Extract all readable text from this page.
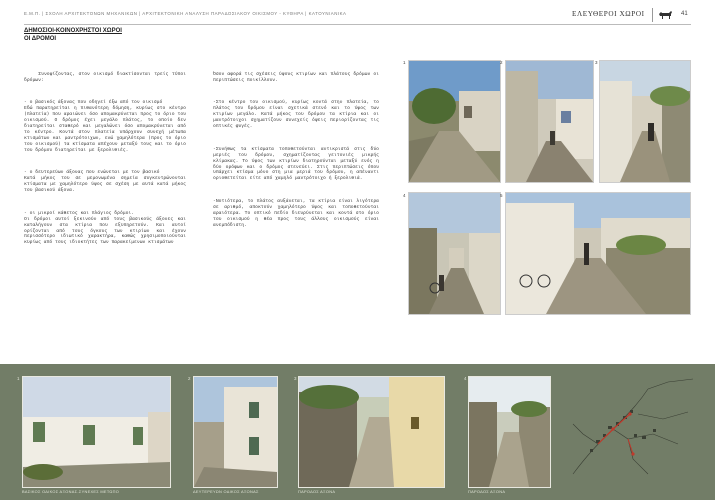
Ε.Μ.Π. | ΣΧΟΛΗ ΑΡΧΙΤΕΚΤΟΝΩΝ ΜΗΧΑΝΙΚΩΝ | ΑΡΧΙΤΕΚΤΟΝΙΚΗ ΑΝΑΛΥΣΗ ΠΑΡΑΔΟΣΙΑΚΟΥ ΟΙΚΙΣΜΟΥ - ΚΥΘΗΡΑ | ΚΑΤΟΥΝΙΑΝΙΚΑ	ΕΛΕΥΘΕΡΟΙ ΧΩΡΟΙ	41
ΔΗΜΟΣΙΟΙ-ΚΟΙΝΟΧΡΗΣΤΟΙ ΧΩΡΟΙ
ΟΙ ΔΡΟΜΟΙ

Συνοψίζοντας, στον οικισμό διακτίσονται τρείς τύποι δρόμων:

- ο βασικός άξονας που οδηγεί έξω από τον οικισμό
Εδώ παρατηρείται η πιθανότερη δόμηση, κυρίως στο κέντρο (πλατεία) που αραιώνει όσο απομακρύνεται προς το όριο του οικισμού. Ο δρόμος έχει μεγάλο πλάτος, το οποίο δεν διατηρείται σταθερό και μεγαλώνει όσο απομακρύνεται από το κέντρο. Κοντά στον πλατεία υπάρχουν συνεχή μέτωπα κτισμάτων και μαντρότοιχων, ενώ χαμηλότερα (προς το όριο του οικισμού) τα κτίσματα απέχουν μεταξύ τους και το όριο του δρόμου διατηρείται με ξερολιθιές.

- ο δευτερεύων άξονας που ενώνεται με τον βασικό
Κατά μήκος του σε μεμονωμένα σημεία συγκεντρώνονται κτίσματα με χαμηλότερο ύψος σε σχέση με αυτά κατά μήκος του βασικού άξονα.

- οι μικροί κάθετος και πλάγιος δρόμοι.
Οι δρόμοι αυτοί ξεκινούν από τους βασικούς άξονες και καταλήγουν στα κτίρια που εξυπηρετούν. Και αυτοί ορίζονται από τους όγκους των κτιρίων και έχουν περισσότερο ιδιωτικό χαρακτήρα, καθώς χρησιμοποιούνται κυρίως από τους ιδιοκτήτες των παρακείμενων κτισμάτων

Όσον αφορά τις σχέσεις ύψους κτιρίων και πλάτους δρόμων οι περιπτώσεις ποικίλλουν.

-Στο κέντρο του οικισμού, κυρίως κοντά στην πλατεία, το πλάτος του δρόμου είναι σχετικά στενό και το ύψος των κτιρίων μεγάλο. Κατά μήκος του δρόμου τα κτίρια και οι μαντρότοιχοι σχηματίζουν συνεχείς όψεις περιορίζοντας τις οπτικές φυγές.

-Συνήθως τα κτίσματα τοποθετούνται αντικριστά στις δύο μεριές του δρόμου, σχηματίζοντας γειτονιές μικρής κλίμακας. Το ύψος των κτιρίων διατηρούνται μεταξύ ενός η δύο ορόφων και ο δρόμος στενεύει. Στις περιπτώσεις όπου υπάρχει κτίσμα μόνο στη μια μεριά του δρόμου, η απέναντι οριοθετείται είτε από χαμηλό μαντρότοιχο ή ξερολιθιά.

-Νοτιότερα, το πλάτος αυξάνεται, τα κτίρια είναι λιγότερα σε αριθμό, αποκτούν χαμηλότερο ύψος και τοποθετούνται αραιότερα. Το οπτικό πεδίο διευρύνεται και κοντά στο όριο του οικισμού η θέα προς τους άλλους οικισμούς είναι ανεμπόδιστη.

1	2	3
4	5
1
ΒΑΣΙΚΟΣ ΟΔΙΚΟΣ ΑΞΟΝΑΣ-ΣΥΝΕΧΕΣ ΜΕΤΩΠΟ
2
ΔΕΥΤΕΡΕΥΩΝ ΟΔΙΚΟΣ ΑΞΟΝΑΣ
3
ΠΑΡΟΔΟΣ ΑΞΟΝΑ
4
ΠΑΡΟΔΟΣ ΑΞΟΝΑ
